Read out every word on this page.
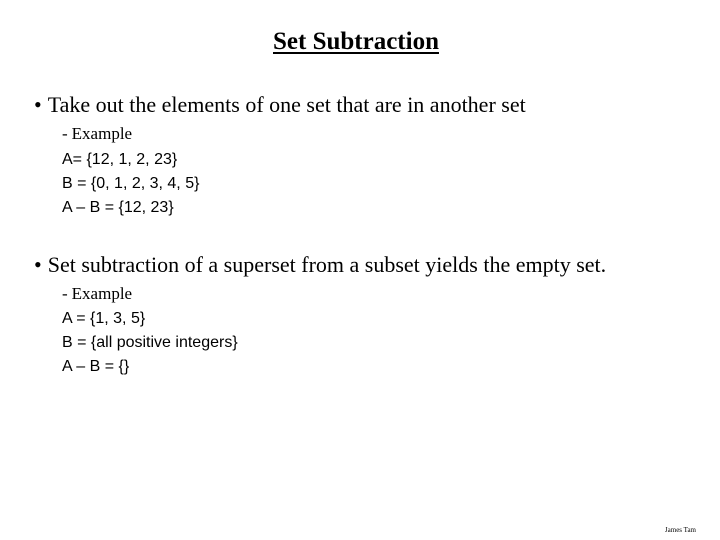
Set Subtraction

• Take out the elements of one set that are in another set

- Example

A= {12, 1, 2, 23}

B = {0, 1, 2, 3, 4, 5}

A – B = {12, 23}

• Set subtraction of a superset from a subset yields the empty set.

- Example

A = {1, 3, 5}

B = {all positive integers}

A – B = {}

James Tam
